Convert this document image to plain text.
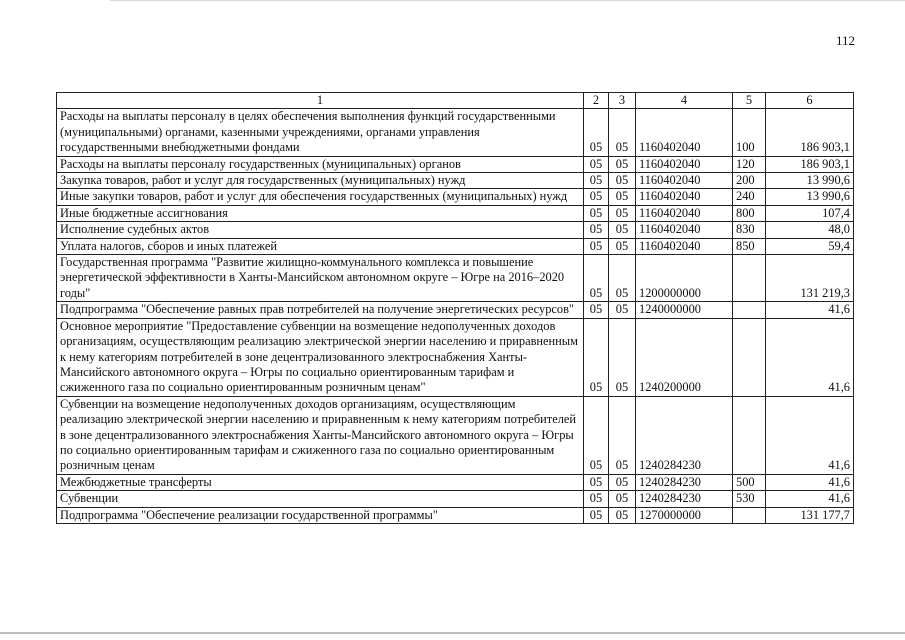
112
1	2	3	4	5	6
Расходы на выплаты персоналу в целях обеспечения выполнения функций государственными (муниципальными) органами, казенными учреждениями, органами управления государственными внебюджетными фондами	05	05	1160402040	100	186 903,1
Расходы на выплаты персоналу государственных (муниципальных) органов	05	05	1160402040	120	186 903,1
Закупка товаров, работ и услуг для государственных (муниципальных) нужд	05	05	1160402040	200	13 990,6
Иные закупки товаров, работ и услуг для обеспечения государственных (муниципальных) нужд	05	05	1160402040	240	13 990,6
Иные бюджетные ассигнования	05	05	1160402040	800	107,4
Исполнение судебных актов	05	05	1160402040	830	48,0
Уплата налогов, сборов и иных платежей	05	05	1160402040	850	59,4
Государственная программа "Развитие жилищно-коммунального комплекса и повышение энергетической эффективности в Ханты-Мансийском автономном округе – Югре на 2016–2020 годы"	05	05	1200000000		131 219,3
Подпрограмма "Обеспечение равных прав потребителей на получение энергетических ресурсов"	05	05	1240000000		41,6
Основное мероприятие "Предоставление субвенции на возмещение недополученных доходов организациям, осуществляющим реализацию электрической энергии населению и приравненным к нему категориям потребителей в зоне децентрализованного электроснабжения Ханты-Мансийского автономного округа – Югры по социально ориентированным тарифам и сжиженного газа по социально ориентированным розничным ценам"	05	05	1240200000		41,6
Субвенции на возмещение недополученных доходов организациям, осуществляющим реализацию электрической энергии населению и приравненным к нему категориям потребителей в зоне децентрализованного электроснабжения Ханты-Мансийского автономного округа – Югры по социально ориентированным тарифам и сжиженного газа по социально ориентированным розничным ценам	05	05	1240284230		41,6
Межбюджетные трансферты	05	05	1240284230	500	41,6
Субвенции	05	05	1240284230	530	41,6
Подпрограмма "Обеспечение реализации государственной программы"	05	05	1270000000		131 177,7
